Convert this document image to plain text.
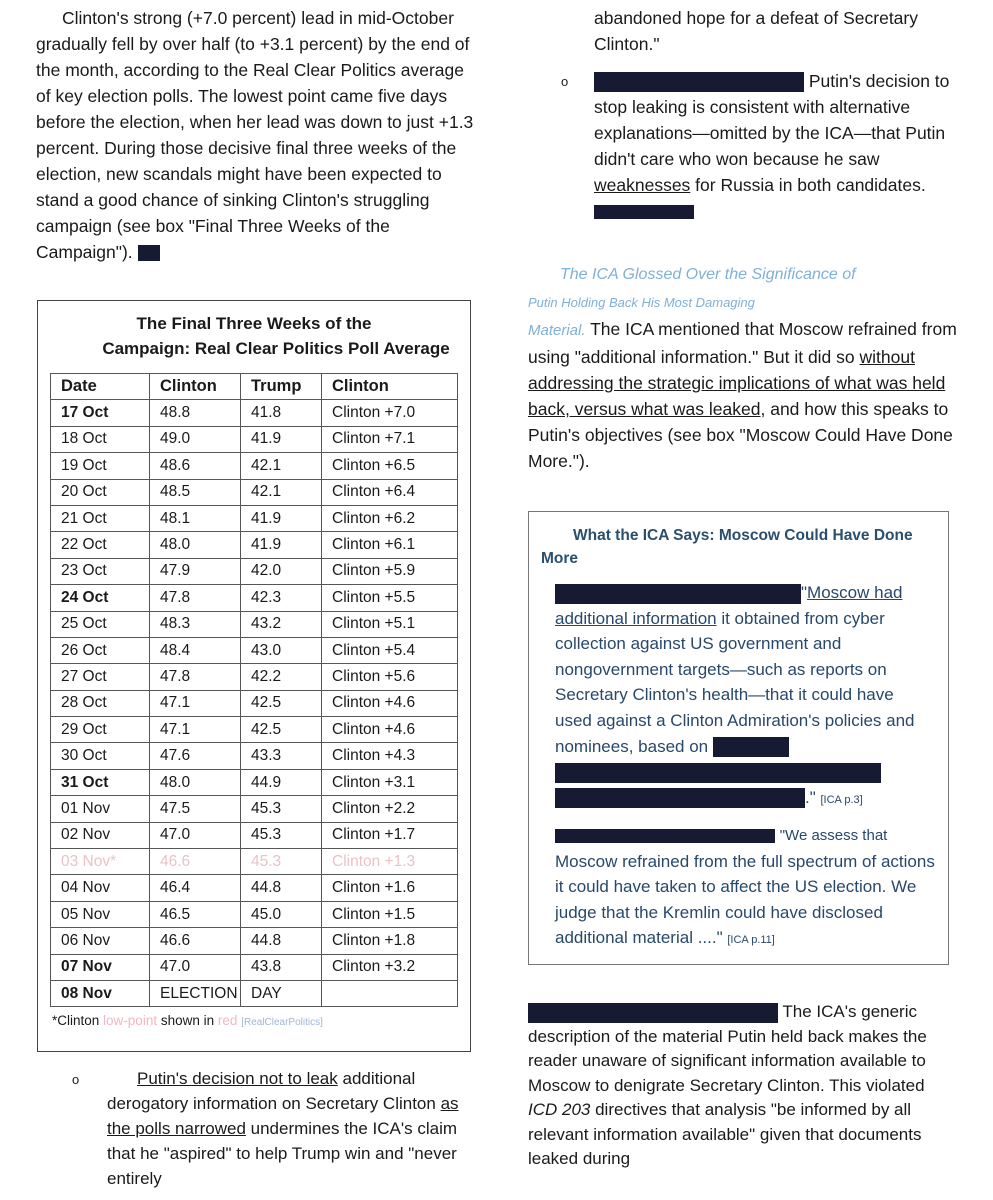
Clinton's strong (+7.0 percent) lead in mid-October gradually fell by over half (to +3.1 percent) by the end of the month, according to the Real Clear Politics average of key election polls. The lowest point came five days before the election, when her lead was down to just +1.3 percent. During those decisive final three weeks of the election, new scandals might have been expected to stand a good chance of sinking Clinton's struggling campaign (see box "Final Three Weeks of the Campaign").

The Final Three Weeks of the
Campaign: Real Clear Politics Poll Average
Date	Clinton	Trump	Clinton
17 Oct	48.8	41.8	Clinton +7.0
18 Oct	49.0	41.9	Clinton +7.1
19 Oct	48.6	42.1	Clinton +6.5
20 Oct	48.5	42.1	Clinton +6.4
21 Oct	48.1	41.9	Clinton +6.2
22 Oct	48.0	41.9	Clinton +6.1
23 Oct	47.9	42.0	Clinton +5.9
24 Oct	47.8	42.3	Clinton +5.5
25 Oct	48.3	43.2	Clinton +5.1
26 Oct	48.4	43.0	Clinton +5.4
27 Oct	47.8	42.2	Clinton +5.6
28 Oct	47.1	42.5	Clinton +4.6
29 Oct	47.1	42.5	Clinton +4.6
30 Oct	47.6	43.3	Clinton +4.3
31 Oct	48.0	44.9	Clinton +3.1
01 Nov	47.5	45.3	Clinton +2.2
02 Nov	47.0	45.3	Clinton +1.7
03 Nov*	46.6	45.3	Clinton +1.3
04 Nov	46.4	44.8	Clinton +1.6
05 Nov	46.5	45.0	Clinton +1.5
06 Nov	46.6	44.8	Clinton +1.8
07 Nov	47.0	43.8	Clinton +3.2
08 Nov	ELECTION	DAY	
*Clinton low-point shown in red [RealClearPolitics]
o	Putin's decision not to leak additional derogatory information on Secretary Clinton as the polls narrowed undermines the ICA's claim that he "aspired" to help Trump win and "never entirely

abandoned hope for a defeat of Secretary Clinton."

o	Putin's decision to stop leaking is consistent with alternative explanations—omitted by the ICA—that Putin didn't care who won because he saw weaknesses for Russia in both candidates.

The ICA Glossed Over the Significance of
Putin Holding Back His Most Damaging
Material. The ICA mentioned that Moscow refrained from using "additional information." But it did so without addressing the strategic implications of what was held back, versus what was leaked, and how this speaks to Putin's objectives (see box "Moscow Could Have Done More.").

What the ICA Says: Moscow Could Have Done More
"Moscow had additional information it obtained from cyber collection against US government and nongovernment targets—such as reports on Secretary Clinton's health—that it could have used against a Clinton Admiration's policies and nominees, based on

." [ICA p.3]
"We assess that
Moscow refrained from the full spectrum of actions it could have taken to affect the US election. We judge that the Kremlin could have disclosed additional material ...." [ICA p.11]

The ICA's generic description of the material Putin held back makes the reader unaware of significant information available to Moscow to denigrate Secretary Clinton. This violated ICD 203 directives that analysis "be informed by all relevant information available" given that documents leaked during
